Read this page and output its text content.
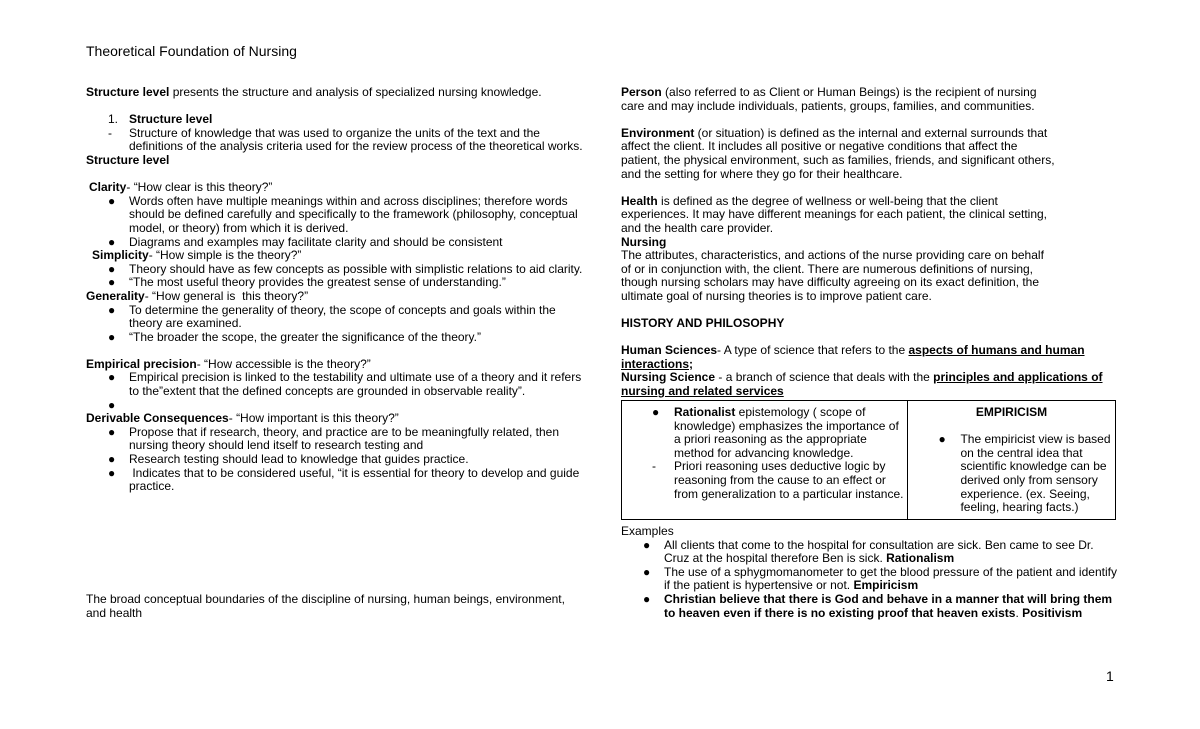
Theoretical Foundation of Nursing
Structure level presents the structure and analysis of specialized nursing knowledge.
1. Structure level
- Structure of knowledge that was used to organize the units of the text and the
definitions of the analysis criteria used for the review process of the theoretical works.
Structure level
Clarity- “How clear is this theory?”
● Words often have multiple meanings within and across disciplines; therefore words
should be defined carefully and specifically to the framework (philosophy, conceptual
model, or theory) from which it is derived.
● Diagrams and examples may facilitate clarity and should be consistent
Simplicity- “How simple is the theory?”
● Theory should have as few concepts as possible with simplistic relations to aid clarity.
● “The most useful theory provides the greatest sense of understanding.”
Generality- “How general is  this theory?”
● To determine the generality of theory, the scope of concepts and goals within the
theory are examined.
● “The broader the scope, the greater the significance of the theory.”
Empirical precision- “How accessible is the theory?”
● Empirical precision is linked to the testability and ultimate use of a theory and it refers
to the”extent that the defined concepts are grounded in observable reality”.
●

Derivable Consequences- “How important is this theory?”
● Propose that if research, theory, and practice are to be meaningfully related, then
nursing theory should lend itself to research testing and
● Research testing should lead to knowledge that guides practice.
● Indicates that to be considered useful, “it is essential for theory to develop and guide
practice.
The broad conceptual boundaries of the discipline of nursing, human beings, environment,
and health
Person (also referred to as Client or Human Beings) is the recipient of nursing
care and may include individuals, patients, groups, families, and communities.
Environment (or situation) is defined as the internal and external surrounds that
affect the client. It includes all positive or negative conditions that affect the
patient, the physical environment, such as families, friends, and significant others,
and the setting for where they go for their healthcare.
Health is defined as the degree of wellness or well-being that the client
experiences. It may have different meanings for each patient, the clinical setting,
and the health care provider.
Nursing
The attributes, characteristics, and actions of the nurse providing care on behalf
of or in conjunction with, the client. There are numerous definitions of nursing,
though nursing scholars may have difficulty agreeing on its exact definition, the
ultimate goal of nursing theories is to improve patient care.
HISTORY AND PHILOSOPHY
Human Sciences- A type of science that refers to the aspects of humans and human
interactions;
Nursing Science - a branch of science that deals with the principles and applications of
nursing and related services
● Rationalist epistemology ( scope of
knowledge) emphasizes the importance of
a priori reasoning as the appropriate
method for advancing knowledge.
- Priori reasoning uses deductive logic by
reasoning from the cause to an effect or
from generalization to a particular instance.

EMPIRICISM
● The empiricist view is based
on the central idea that
scientific knowledge can be
derived only from sensory
experience. (ex. Seeing,
feeling, hearing facts.)
Examples
● All clients that come to the hospital for consultation are sick. Ben came to see Dr.
Cruz at the hospital therefore Ben is sick. Rationalism
● The use of a sphygmomanometer to get the blood pressure of the patient and identify
if the patient is hypertensive or not. Empiricism
● Christian believe that there is God and behave in a manner that will bring them
to heaven even if there is no existing proof that heaven exists. Positivism
1
